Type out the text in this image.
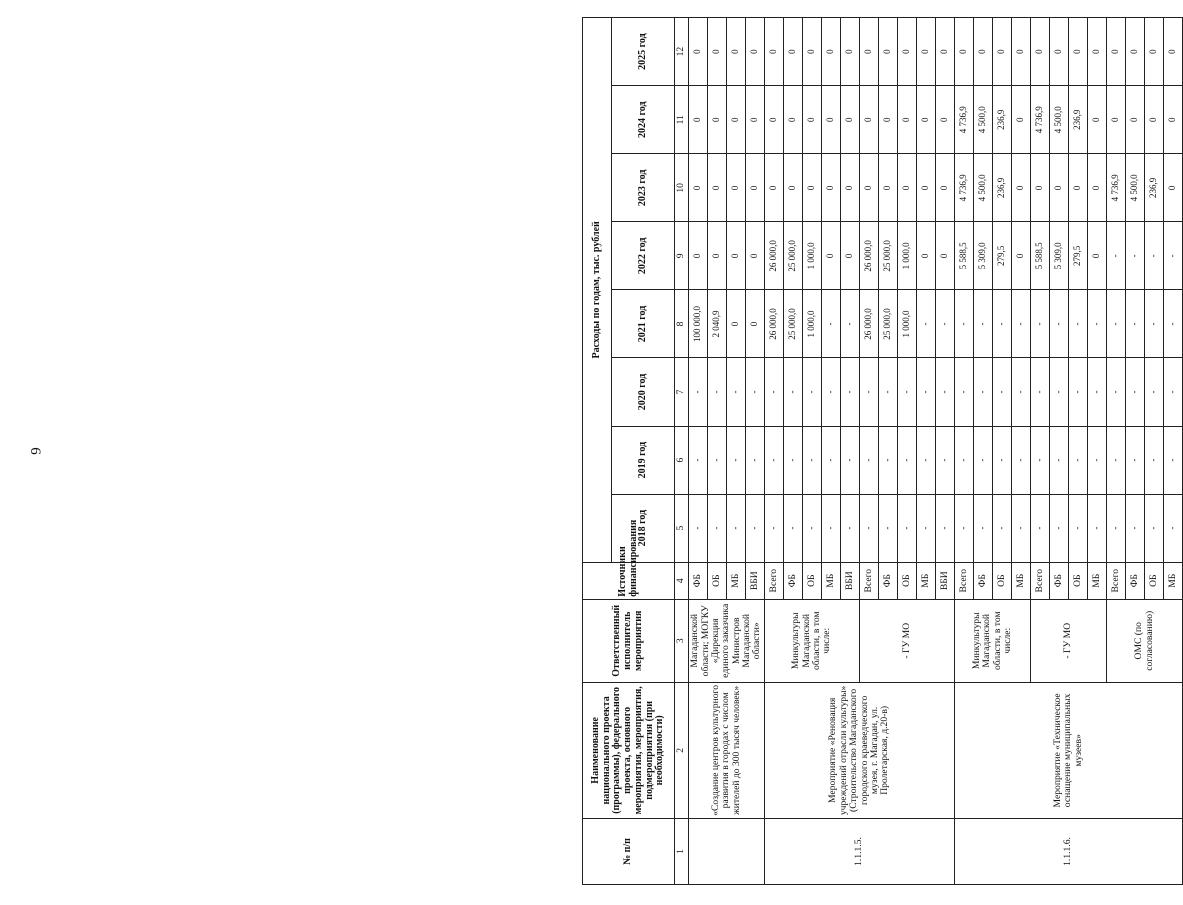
6
№ п/п	Наименование национального проекта (программы), федерального проекта, основного мероприятия, мероприятия, подмероприятия (при необходимости)	Ответственный исполнитель мероприятия	Источники финансирования	Расходы по годам, тыс. рублей							
				2018 год	2019 год	2020 год	2021 год	2022 год	2023 год	2024 год	2025 год
1	2	3	4	5	6	7	8	9	10	11	12
	«Создание центров культурного развития в городах с числом жителей до 300 тысяч человек»	Магаданской области; МОГКУ «Дирекция единого заказчика Министров Магаданской области»	ФБ	-	-	-	100 000,0	0	0	0	0
			ОБ	-	-	-	2 040,9	0	0	0	0
			МБ	-	-	-	0	0	0	0	0
			ВБИ	-	-	-	0	0	0	0	0
1.1.1.5.	Мероприятие «Реновация учреждений отрасли культуры» (Строительство Магаданского городского краеведческого музея, г. Магадан, ул. Пролетарская, д.20-в)	Минкультуры Магаданской области, в том числе:	Всего	-	-	-	26 000,0	26 000,0	0	0	0
			ФБ	-	-	-	25 000,0	25 000,0	0	0	0
			ОБ	-	-	-	1 000,0	1 000,0	0	0	0
			МБ	-	-	-	-	0	0	0	0
			ВБИ	-	-	-	-	0	0	0	0
		- ГУ МО	Всего	-	-	-	26 000,0	26 000,0	0	0	0
			ФБ	-	-	-	25 000,0	25 000,0	0	0	0
			ОБ	-	-	-	1 000,0	1 000,0	0	0	0
			МБ	-	-	-	-	0	0	0	0
			ВБИ	-	-	-	-	0	0	0	0
1.1.1.6.	Мероприятие «Техническое оснащение муниципальных музеев»	Минкультуры Магаданской области, в том числе:	Всего	-	-	-	-	5 588,5	4 736,9	4 736,9	0
			ФБ	-	-	-	-	5 309,0	4 500,0	4 500,0	0
			ОБ	-	-	-	-	279,5	236,9	236,9	0
			МБ	-	-	-	-	0	0	0	0
		- ГУ МО	Всего	-	-	-	-	5 588,5	0	4 736,9	0
			ФБ	-	-	-	-	5 309,0	0	4 500,0	0
			ОБ	-	-	-	-	279,5	0	236,9	0
			МБ	-	-	-	-	0	0	0	0
		ОМС (по согласованию)	Всего	-	-	-	-	-	4 736,9	0	0
			ФБ	-	-	-	-	-	4 500,0	0	0
			ОБ	-	-	-	-	-	236,9	0	0
			МБ	-	-	-	-	-	0	0	0
